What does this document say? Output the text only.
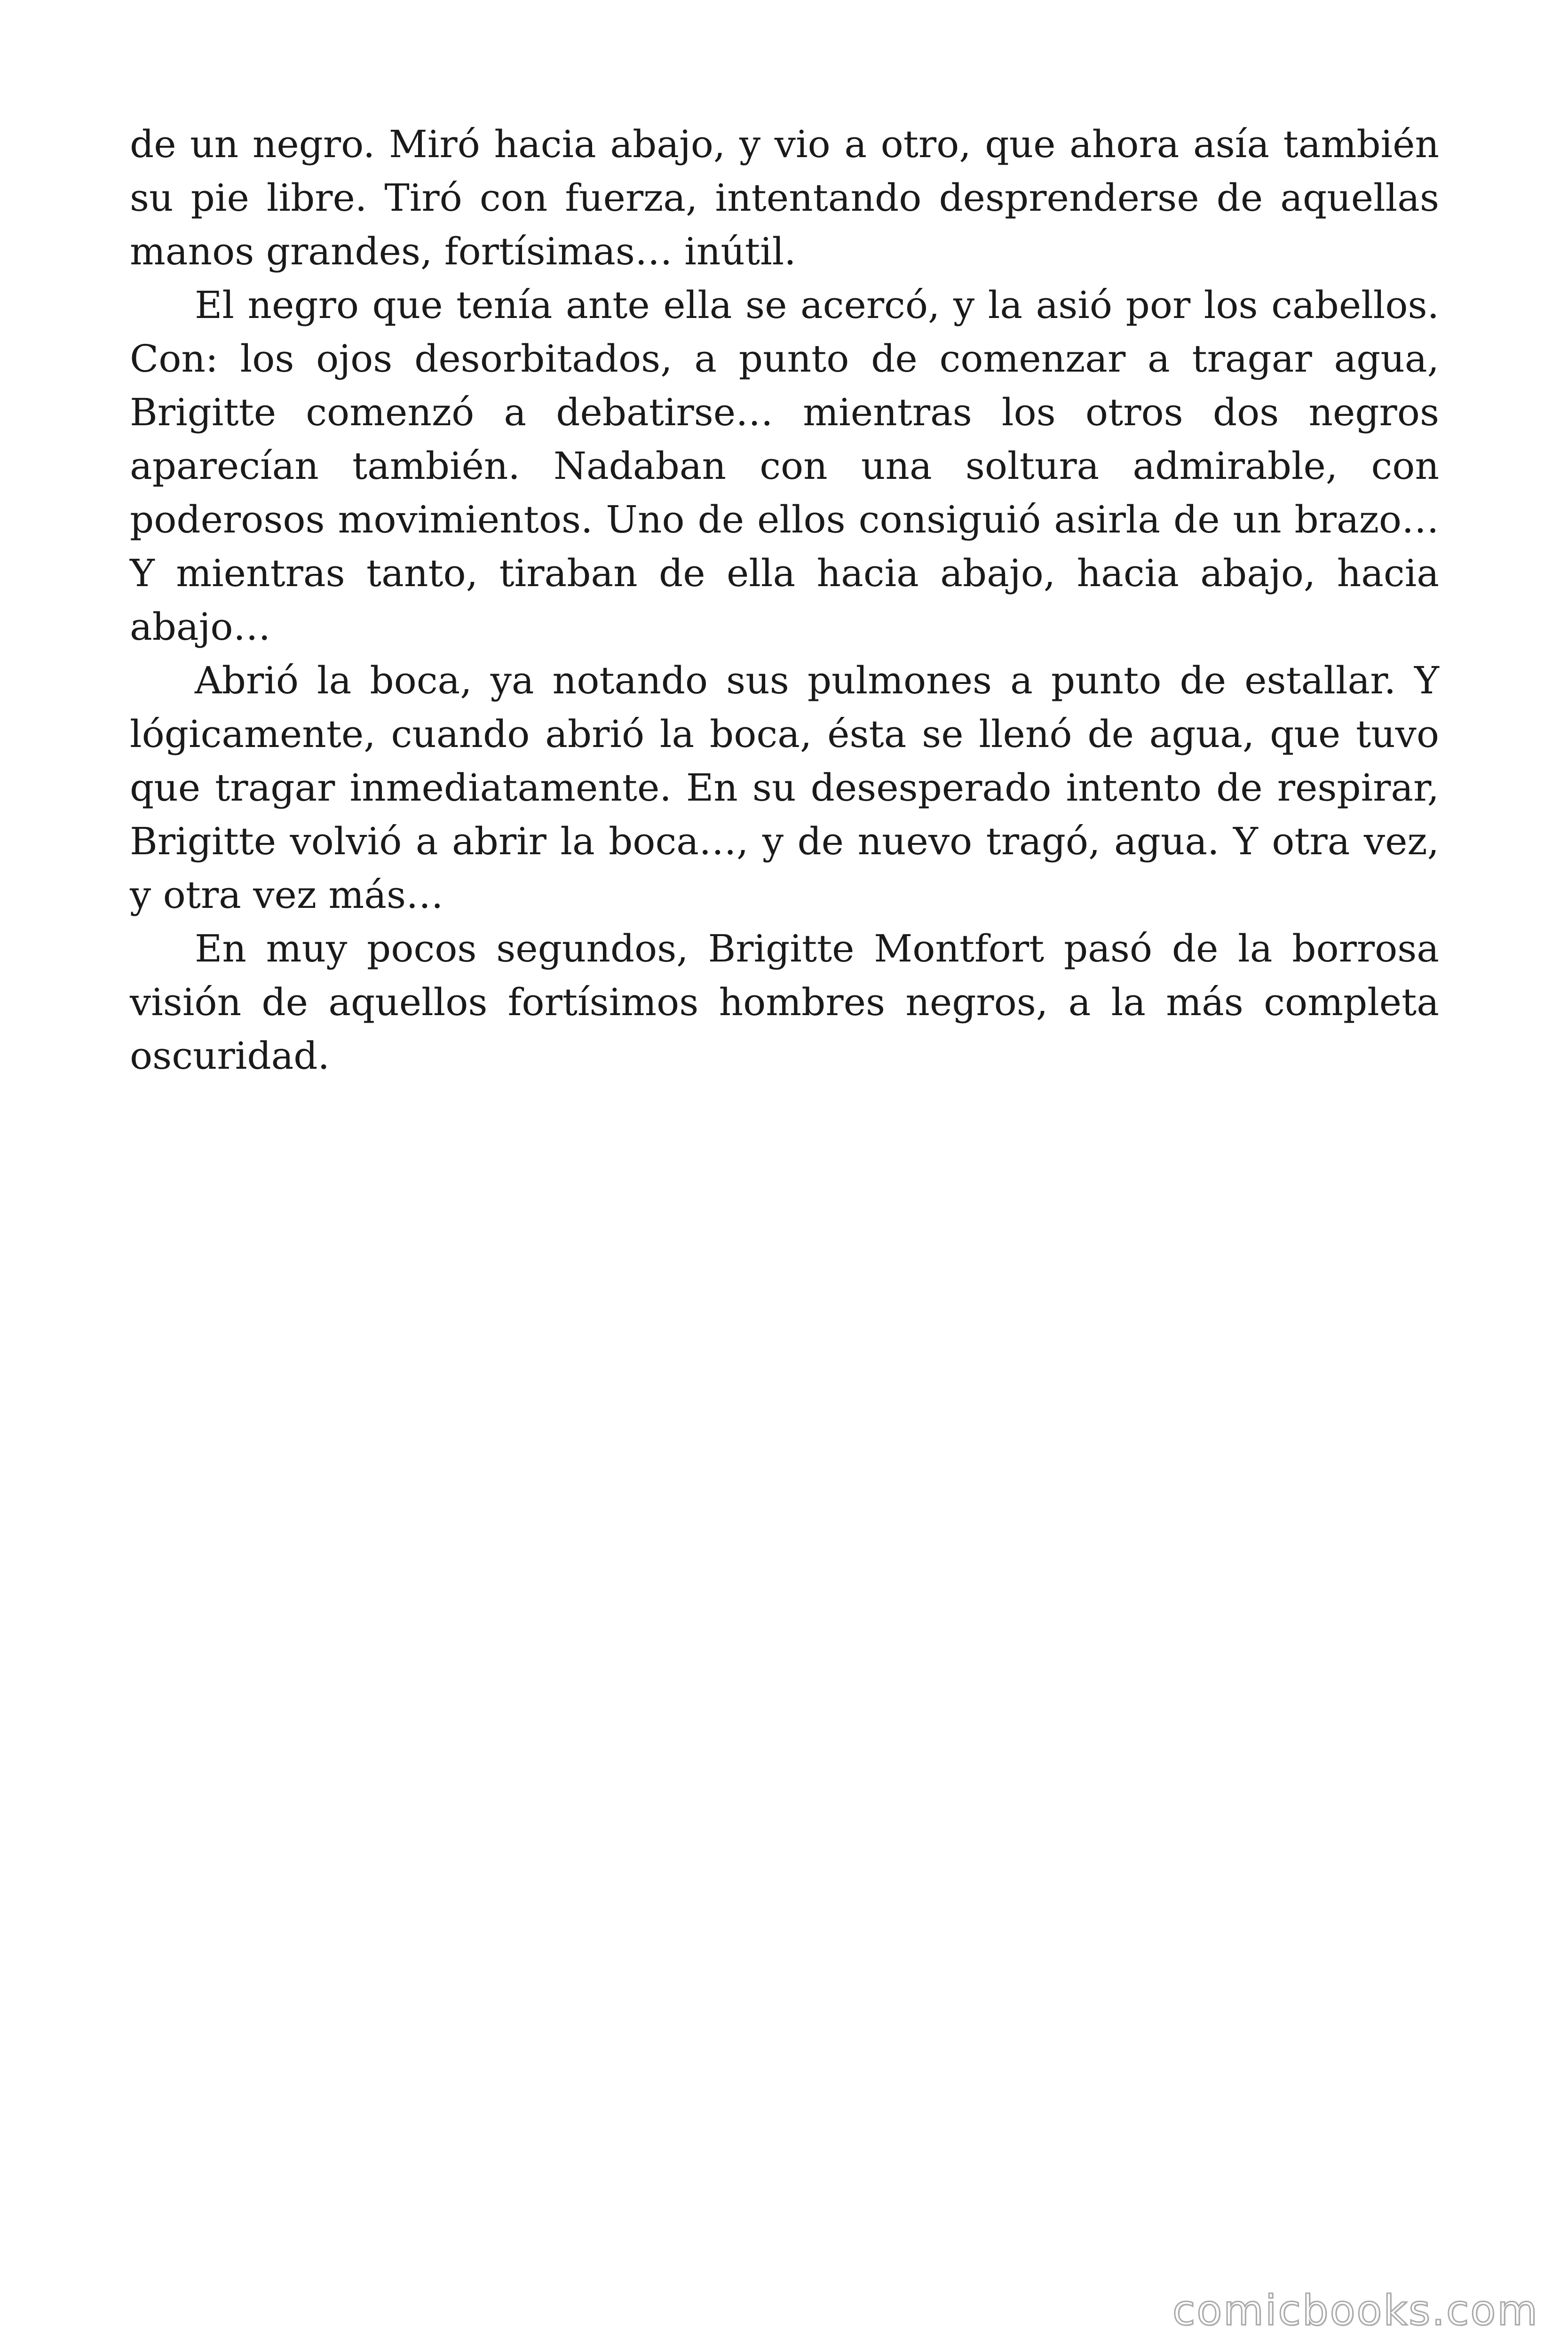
de un negro. Miró hacia abajo, y vio a otro, que ahora asía también
su pie libre. Tiró con fuerza, intentando desprenderse de aquellas
manos grandes, fortísimas… inútil.
El negro que tenía ante ella se acercó, y la asió por los cabellos.
Con: los ojos desorbitados, a punto de comenzar a tragar agua,
Brigitte comenzó a debatirse… mientras los otros dos negros
aparecían también. Nadaban con una soltura admirable, con
poderosos movimientos. Uno de ellos consiguió asirla de un brazo…
Y mientras tanto, tiraban de ella hacia abajo, hacia abajo, hacia
abajo…
Abrió la boca, ya notando sus pulmones a punto de estallar. Y
lógicamente, cuando abrió la boca, ésta se llenó de agua, que tuvo
que tragar inmediatamente. En su desesperado intento de respirar,
Brigitte volvió a abrir la boca…, y de nuevo tragó, agua. Y otra vez,
y otra vez más…
En muy pocos segundos, Brigitte Montfort pasó de la borrosa
visión de aquellos fortísimos hombres negros, a la más completa
oscuridad.
comicbooks.com
